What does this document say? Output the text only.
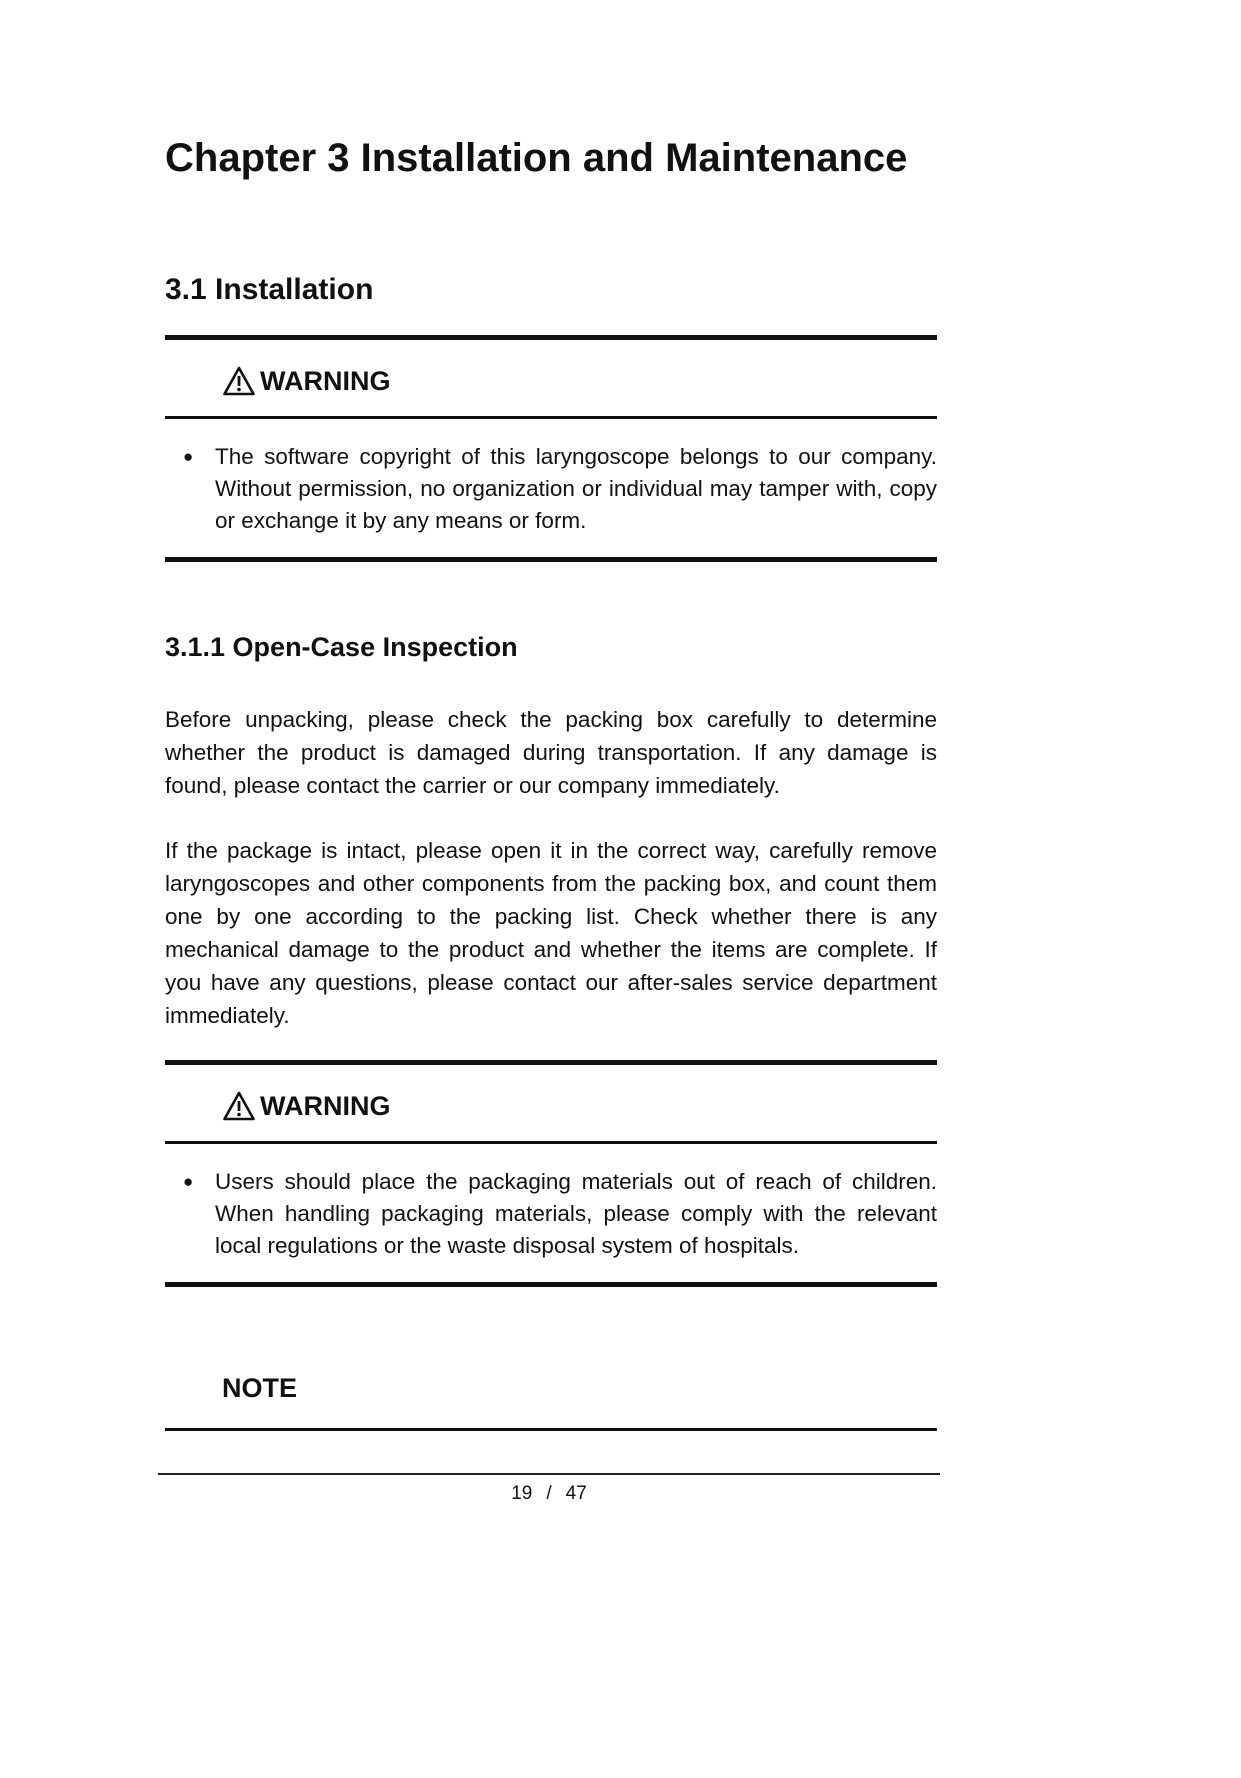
Chapter 3 Installation and Maintenance
3.1 Installation
WARNING
● The software copyright of this laryngoscope belongs to our company. Without permission, no organization or individual may tamper with, copy or exchange it by any means or form.

3.1.1 Open-Case Inspection

Before unpacking, please check the packing box carefully to determine whether the product is damaged during transportation. If any damage is found, please contact the carrier or our company immediately.

If the package is intact, please open it in the correct way, carefully remove laryngoscopes and other components from the packing box, and count them one by one according to the packing list. Check whether there is any mechanical damage to the product and whether the items are complete. If you have any questions, please contact our after-sales service department immediately.

WARNING
● Users should place the packaging materials out of reach of children. When handling packaging materials, please comply with the relevant local regulations or the waste disposal system of hospitals.

NOTE
19 / 47
